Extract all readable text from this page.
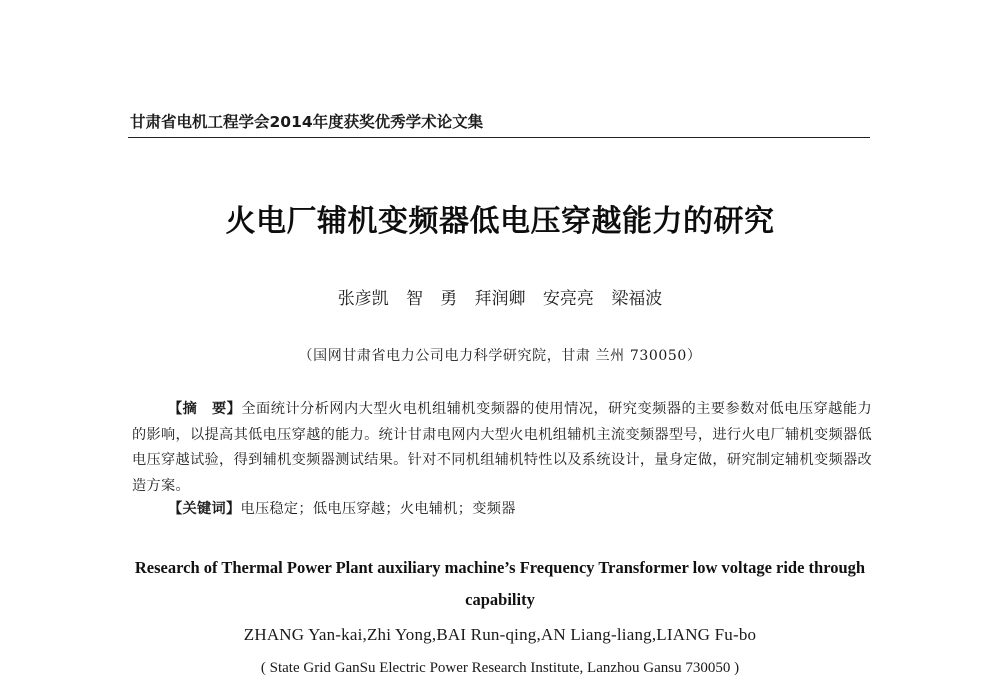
甘肃省电机工程学会2014年度获奖优秀学术论文集
火电厂辅机变频器低电压穿越能力的研究
张彦凯 智　勇 拜润卿 安亮亮 梁福波
（国网甘肃省电力公司电力科学研究院，甘肃 兰州 730050）
【摘　要】全面统计分析网内大型火电机组辅机变频器的使用情况，研究变频器的主要参数对低电压穿越能力的影响，以提高其低电压穿越的能力。统计甘肃电网内大型火电机组辅机主流变频器型号，进行火电厂辅机变频器低电压穿越试验，得到辅机变频器测试结果。针对不同机组辅机特性以及系统设计，量身定做，研究制定辅机变频器改造方案。
【关键词】电压稳定；低电压穿越；火电辅机；变频器
Research of Thermal Power Plant auxiliary machine’s Frequency Transformer low voltage ride through capability
ZHANG Yan-kai,Zhi Yong,BAI Run-qing,AN Liang-liang,LIANG Fu-bo
( State Grid GanSu Electric Power Research Institute, Lanzhou Gansu 730050 )
